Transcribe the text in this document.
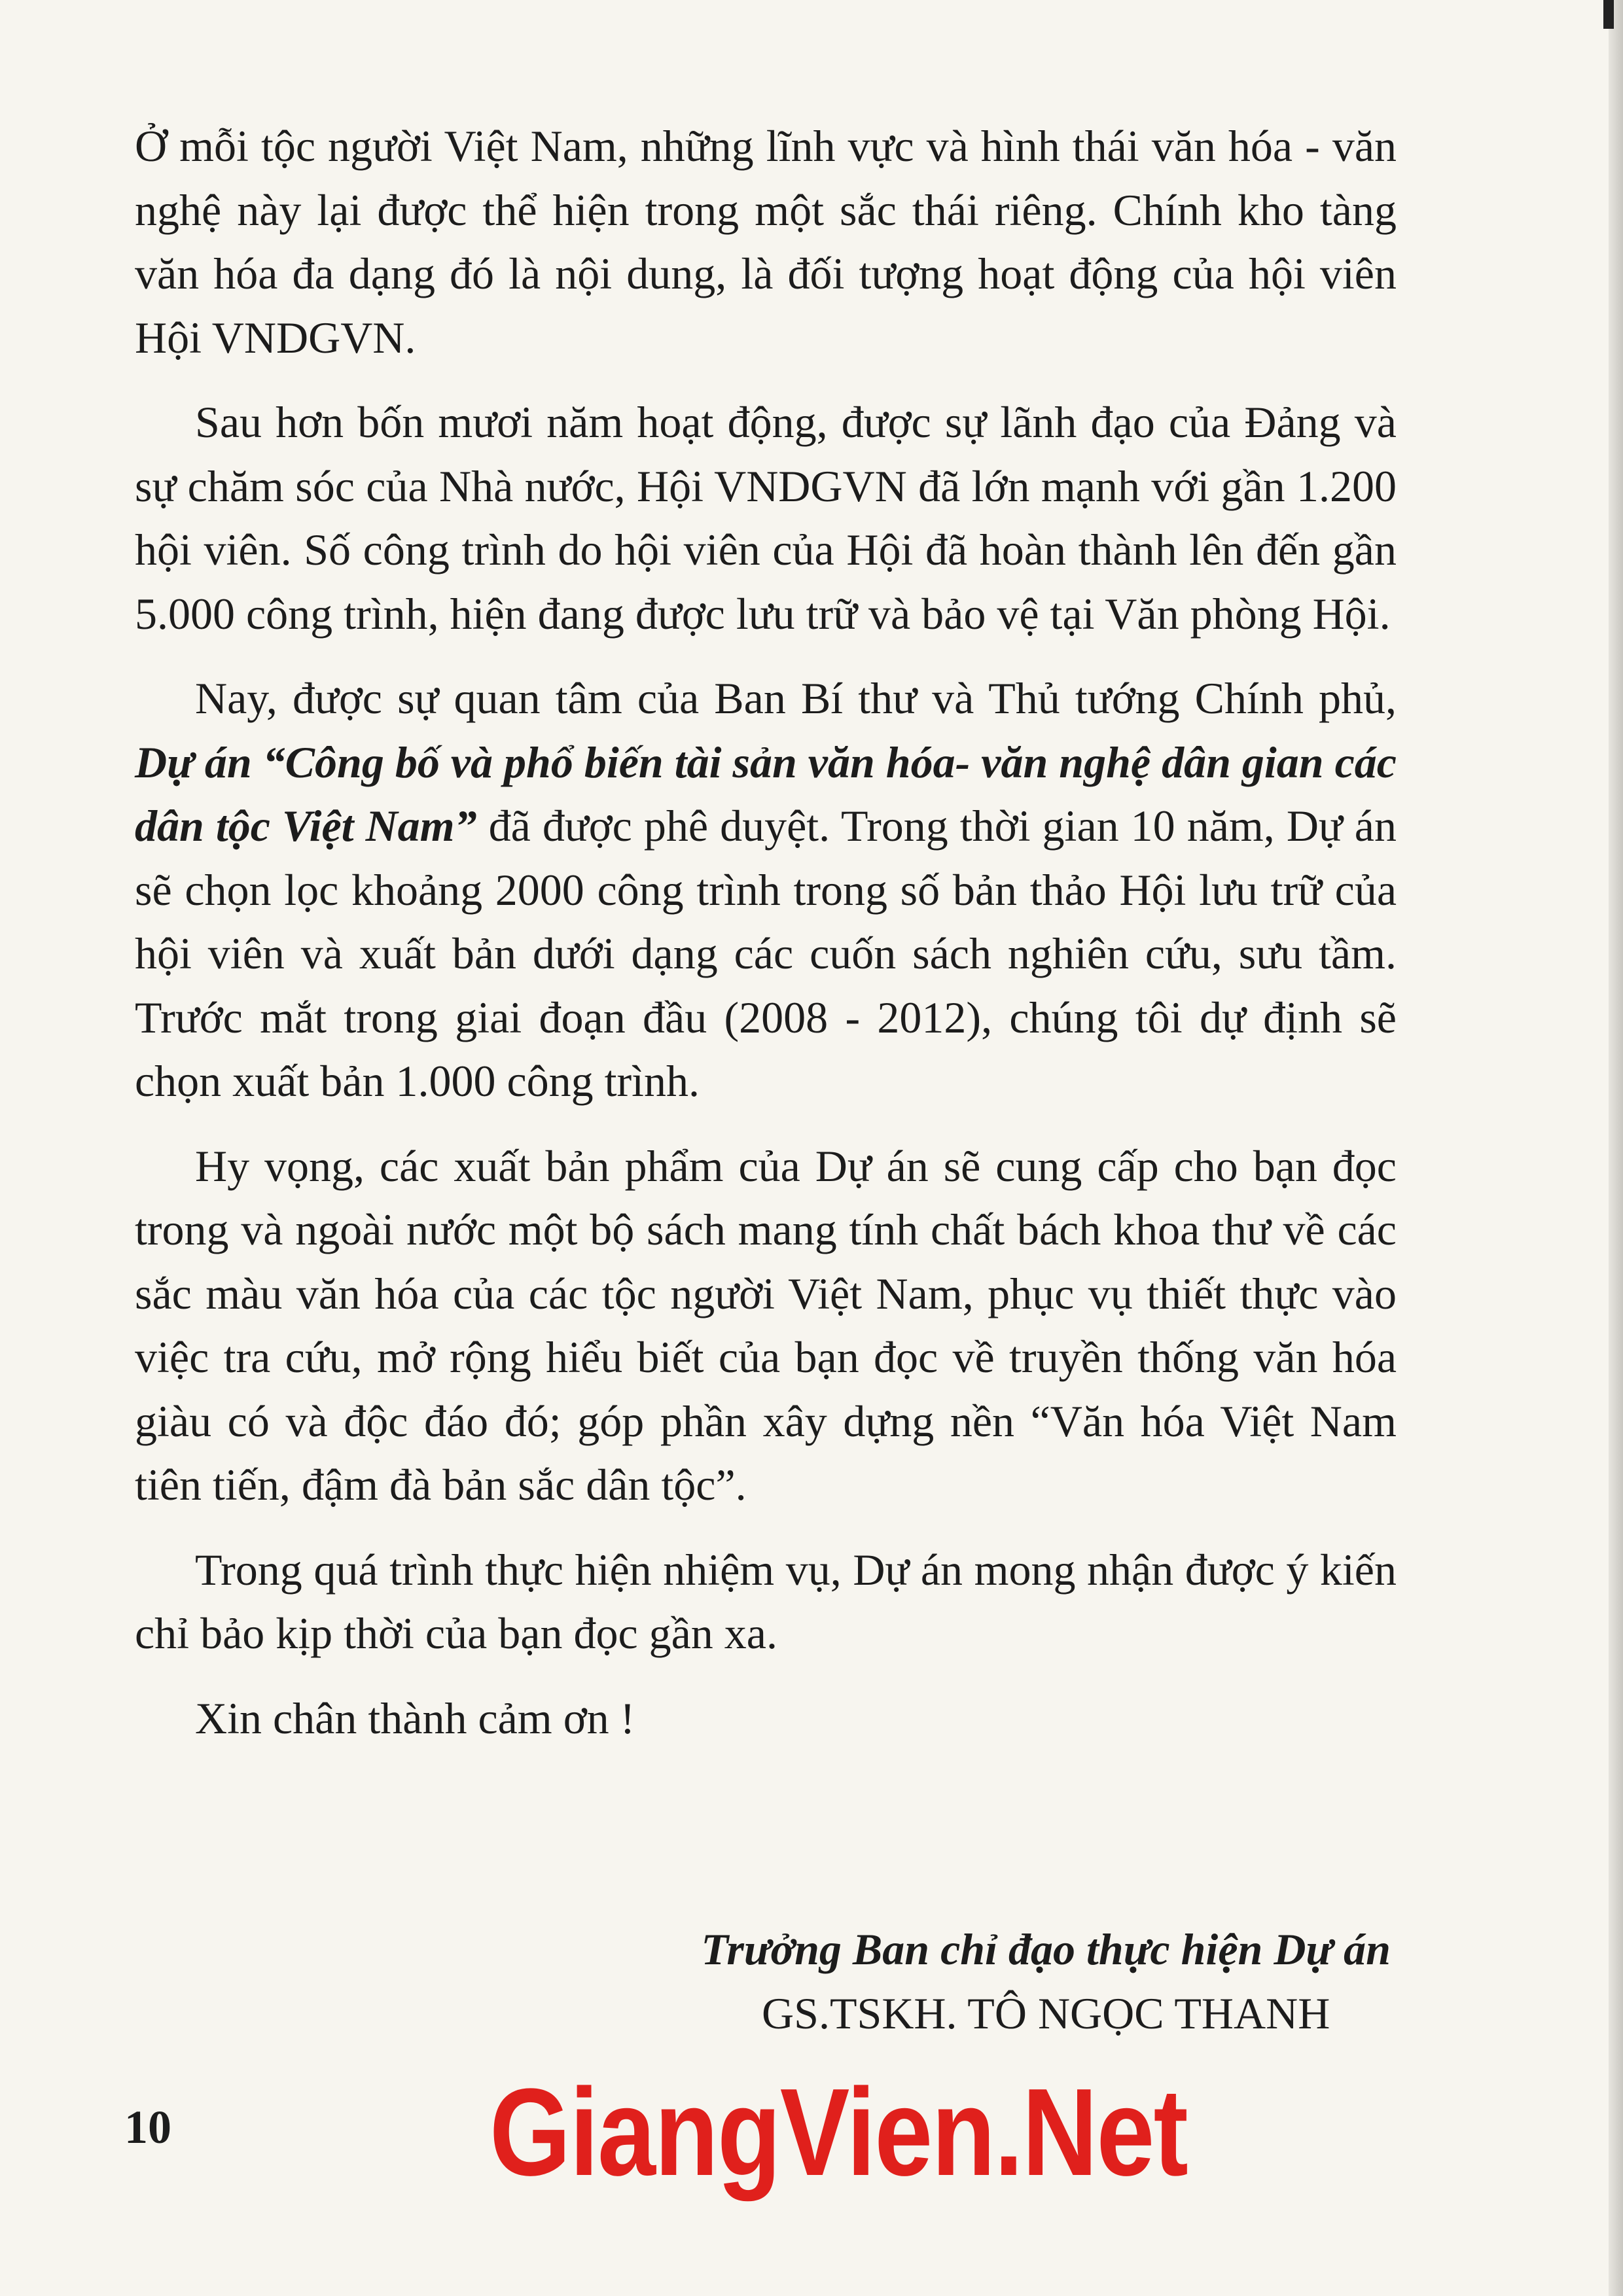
Ở mỗi tộc người Việt Nam, những lĩnh vực và hình thái văn hóa - văn nghệ này lại được thể hiện trong một sắc thái riêng. Chính kho tàng văn hóa đa dạng đó là nội dung, là đối tượng hoạt động của hội viên Hội VNDGVN.

Sau hơn bốn mươi năm hoạt động, được sự lãnh đạo của Đảng và sự chăm sóc của Nhà nước, Hội VNDGVN đã lớn mạnh với gần 1.200 hội viên. Số công trình do hội viên của Hội đã hoàn thành lên đến gần 5.000 công trình, hiện đang được lưu trữ và bảo vệ tại Văn phòng Hội.

Nay, được sự quan tâm của Ban Bí thư và Thủ tướng Chính phủ, Dự án “Công bố và phổ biến tài sản văn hóa- văn nghệ dân gian các dân tộc Việt Nam” đã được phê duyệt. Trong thời gian 10 năm, Dự án sẽ chọn lọc khoảng 2000 công trình trong số bản thảo Hội lưu trữ của hội viên và xuất bản dưới dạng các cuốn sách nghiên cứu, sưu tầm. Trước mắt trong giai đoạn đầu (2008 - 2012), chúng tôi dự định sẽ chọn xuất bản 1.000 công trình.

Hy vọng, các xuất bản phẩm của Dự án sẽ cung cấp cho bạn đọc trong và ngoài nước một bộ sách mang tính chất bách khoa thư về các sắc màu văn hóa của các tộc người Việt Nam, phục vụ thiết thực vào việc tra cứu, mở rộng hiểu biết của bạn đọc về truyền thống văn hóa giàu có và độc đáo đó; góp phần xây dựng nền “Văn hóa Việt Nam tiên tiến, đậm đà bản sắc dân tộc”.

Trong quá trình thực hiện nhiệm vụ, Dự án mong nhận được ý kiến chỉ bảo kịp thời của bạn đọc gần xa.

Xin chân thành cảm ơn !

Trưởng Ban chỉ đạo thực hiện Dự án
GS.TSKH. TÔ NGỌC THANH
10	GiangVien.Net
